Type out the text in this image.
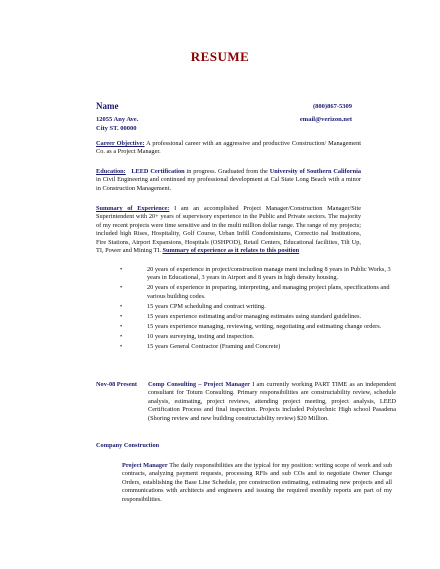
RESUME
Name	(800)867-5309
12055 Any Ave.	email@verizon.net
City ST. 00000
Career Objective: A professional career with an aggressive and productive Construction/ Management Co. as a Project Manager.
Education: LEED Certification in progress. Graduated from the University of Southern California in Civil Engineering and continued my professional development at Cal State Long Beach with a minor in Construction Management.
Summary of Experience: I am an accomplished Project Manager/Construction Manager/Site Superintendent with 20+ years of supervisory experience in the Public and Private sectors. The majority of my recent projects were time sensitive and in the multi million dollar range. The range of my projects; included high Rises, Hospitality, Golf Course, Urban Infill Condominiums, Correctio nal Institutions, Fire Stations, Airport Expansions, Hospitals (OSHPOD), Retail Centers, Educational facilities, Tilt Up, TI, Power and Mining TI. Summary of experience as it relates to this position
•	20 years of experience in project/construction manage ment including 8 years in Public Works, 3 years in Educational, 3 years in Airport and 8 years in high density housing.
•	20 years of experience in preparing, interpreting, and managing project plans, specifications and various building codes.
•	15 years CPM scheduling and contract writing.
•	15 years experience estimating and/or managing estimates using standard guidelines.
•	15 years experience managing, reviewing, writing, negotiating and estimating change orders.
•	10 years surveying, testing and inspection.
•	15 years General Contractor (Framing and Concrete)
Nov-08 Present Comp Consulting – Project Manager I am currently working PART TIME as an independent consultant for Totum Consulting. Primary responsibilities are constructability review, schedule analysis, estimating, project reviews, attending project meeting, project analysis, LEED Certification Process and final inspection. Projects included Polytechnic High school Pasadena (Shoring review and new building constructability review) $20 Million.
Company Construction
Project Manager The daily responsibilities are the typical for my position: writing scope of work and sub contracts, analyzing payment requests, processing RFIs and sub COs and to negotiate Owner Change Orders, establishing the Base Line Schedule, pre construction estimating, estimating new projects and all communications with architects and engineers and issuing the required monthly reports are part of my responsibilities.
